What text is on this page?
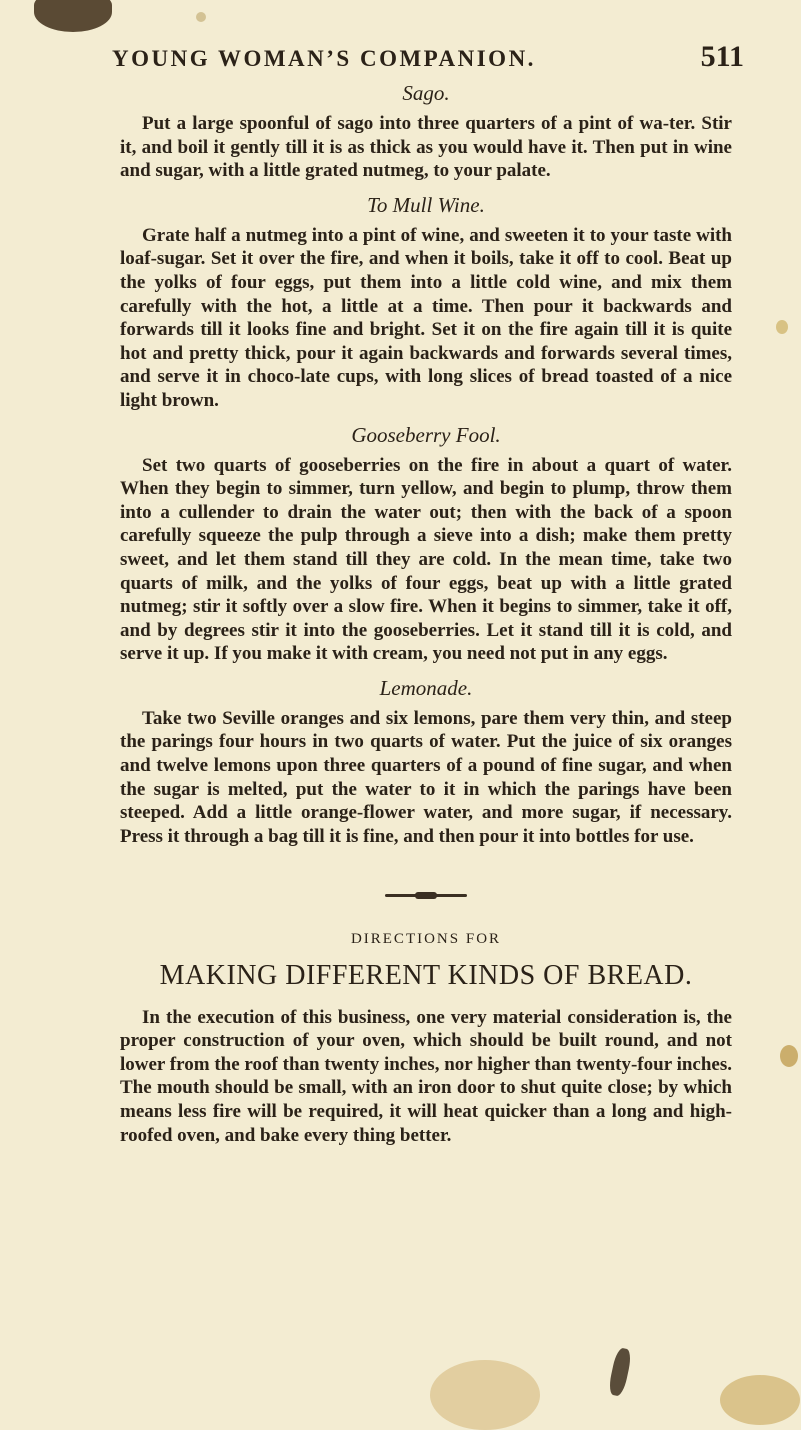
YOUNG WOMAN’S COMPANION.	511
Sago.

Put a large spoonful of sago into three quarters of a pint of wa-ter. Stir it, and boil it gently till it is as thick as you would have it. Then put in wine and sugar, with a little grated nutmeg, to your palate.

To Mull Wine.

Grate half a nutmeg into a pint of wine, and sweeten it to your taste with loaf-sugar. Set it over the fire, and when it boils, take it off to cool. Beat up the yolks of four eggs, put them into a little cold wine, and mix them carefully with the hot, a little at a time. Then pour it backwards and forwards till it looks fine and bright. Set it on the fire again till it is quite hot and pretty thick, pour it again backwards and forwards several times, and serve it in choco-late cups, with long slices of bread toasted of a nice light brown.

Gooseberry Fool.

Set two quarts of gooseberries on the fire in about a quart of water. When they begin to simmer, turn yellow, and begin to plump, throw them into a cullender to drain the water out; then with the back of a spoon carefully squeeze the pulp through a sieve into a dish; make them pretty sweet, and let them stand till they are cold. In the mean time, take two quarts of milk, and the yolks of four eggs, beat up with a little grated nutmeg; stir it softly over a slow fire. When it begins to simmer, take it off, and by degrees stir it into the gooseberries. Let it stand till it is cold, and serve it up. If you make it with cream, you need not put in any eggs.

Lemonade.

Take two Seville oranges and six lemons, pare them very thin, and steep the parings four hours in two quarts of water. Put the juice of six oranges and twelve lemons upon three quarters of a pound of fine sugar, and when the sugar is melted, put the water to it in which the parings have been steeped. Add a little orange-flower water, and more sugar, if necessary. Press it through a bag till it is fine, and then pour it into bottles for use.

DIRECTIONS FOR
MAKING DIFFERENT KINDS OF BREAD.

In the execution of this business, one very material consideration is, the proper construction of your oven, which should be built round, and not lower from the roof than twenty inches, nor higher than twenty-four inches. The mouth should be small, with an iron door to shut quite close; by which means less fire will be required, it will heat quicker than a long and high-roofed oven, and bake every thing better.
